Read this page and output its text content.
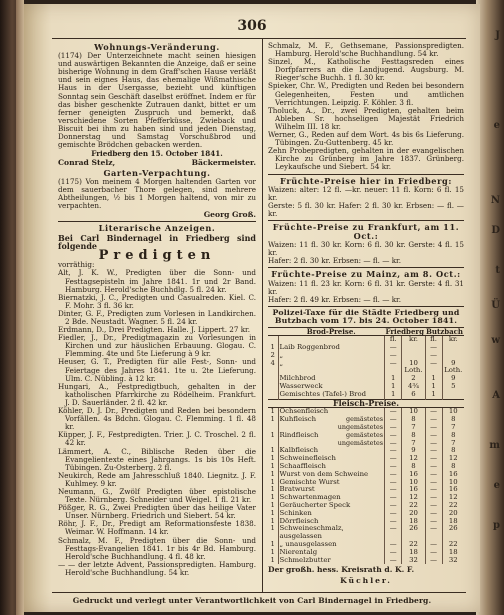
J
e
N
D
t
Ü
w
A
m
e
p
306
Wohnungs-Veränderung.
(1174) Der Unterzeichnete macht seinen hiesigen und auswärtigen Bekannten die Anzeige, daß er seine bisherige Wohnung in dem Graff'schen Hause verläßt und sein eignes Haus, das ehemalige Wißmathische Haus in der Usergasse, bezieht und künftigen Sonntag sein Geschäft daselbst eröffnet. Indem er für das bisher geschenkte Zutrauen dankt, bittet er um ferner geneigten Zuspruch und bemerkt, daß verschiedene Sorten Pfefferküsse, Zwieback und Biscuit bei ihm zu haben sind und jeden Dienstag, Donnerstag und Samstag Vorschußbrod und gemischte Brödchen gebacken werden.
Friedberg den 15. October 1841.
Conrad Stelz,	Bäckermeister.
Garten-Verpachtung.
(1175) Von meinem 4 Morgen haltenden Garten vor dem sauerbacher Thore gelegen, sind mehrere Abtheilungen, ½ bis 1 Morgen haltend, von mir zu verpachten.
Georg Groß.
Literarische Anzeigen.
Bei Carl Bindernagel in Friedberg sind folgende
Predigten
vorräthig:
Alt, J. K. W., Predigten über die Sonn- und Festtagsepisteln im Jahre 1841. 1r und 2r Band. Hamburg. Herold'sche Buchhdlg. 5 fl. 24 kr.
Biernatzki, J. C., Predigten und Casualreden. Kiel. C. F. Mohr. 3 fl. 36 kr.
Dinter, G. F., Predigten zum Vorlesen in Landkirchen. 2 Bde. Neustadt. Wagner. 5 fl. 24 kr.
Erdmann, D., Drei Predigten. Halle. J. Lippert. 27 kr.
Fiedler, J., Dr., Predigtmagazin zu Vorlesungen in Kirchen und zur häuslichen Erbauung. Glogau. C. Flemming. 4te und 5te Lieferung à 9 kr.
Heuser, G. T., Predigten für alle Fest-, Sonn- und Feiertage des Jahres 1841. 1te u. 2te Lieferung. Ulm. C. Nübling. à 12 kr.
Hungari, A., Festpredigtbuch, gehalten in der katholischen Pfarrkirche zu Rödelheim. Frankfurt. J. D. Sauerländer. 2 fl. 42 kr.
Köhler, D. J. Dr., Predigten und Reden bei besondern Vorfällen. 4s Bdchn. Glogau. C. Flemming. 1 fl. 48 kr.
Küpper, J. F., Festpredigten. Trier. J. C. Troschel. 2 fl. 42 kr.
Lämmert, A. C., Biblische Reden über die Evangelientexte eines Jahrgangs. 1s bis 10s Heft. Tübingen. Zu-Osterberg. 2 fl.
Neukirch, Rede am Jahresschluß 1840. Liegnitz. J. F. Kuhlmey. 9 kr.
Neumann, G., Zwölf Predigten über epistolische Texte. Nürnberg. Schneider und Weigel. 1 fl. 21 kr.
Pößger, R. G., Zwei Predigten über das heilige Vater Unser. Nürnberg. Friedrich und Siebert. 54 kr.
Röhr, J. F., Dr., Predigt am Reformationsfeste 1838. Weimar. W. Hoffmann. 14 kr.
Schmalz, M. F., Predigten über die Sonn- und Festtags-Evangelien 1841. 1r bis 4r Bd. Hamburg. Herold'sche Buchhandlung. 4 fl. 48 kr.
— — der letzte Advent, Passionspredigten. Hamburg. Herold'sche Buchhandlung. 54 kr.
Schmalz, M. F., Gethsemane, Passionspredigten. Hamburg. Herold'sche Buchhandlung. 54 kr.
Sinzel, M., Katholische Festtagsreden eines Dorfpfarrers an die Landjugend. Augsburg. M. Rieger'sche Buchh. 1 fl. 30 kr.
Spieker, Chr. W., Predigten und Reden bei besondern Gelegenheiten, Festen und amtlichen Verrichtungen. Leipzig. F. Köhler. 3 fl.
Tholuck, A., Dr., zwei Predigten, gehalten beim Ableben Sr. hochseligen Majestät Friedrich Wilhelm III. 18 kr.
Werner, G., Reden auf dem Wort. 4s bis 6s Lieferung. Tübingen. Zu-Guttenberg. 45 kr.
Zehn Probepredigten, gehalten in der evangelischen Kirche zu Grünberg im Jahre 1837. Grünberg. Leykaufsche und Siebert. 54 kr.
Früchte-Preise hier in Friedberg:
Waizen: alter: 12 fl. —kr. neuer: 11 fl. Korn: 6 fl. 15 kr.
Gerste: 5 fl. 30 kr. Hafer: 2 fl. 30 kr. Erbsen: — fl. — kr.
Früchte-Preise zu Frankfurt, am 11. Oct.:
Waizen: 11 fl. 30 kr. Korn: 6 fl. 30 kr. Gerste: 4 fl. 15 kr.
Hafer: 2 fl. 30 kr. Erbsen: — fl. — kr.
Früchte-Preise zu Mainz, am 8. Oct.:
Waizen: 11 fl. 23 kr. Korn: 6 fl. 31 kr. Gerste: 4 fl. 31 kr.
Hafer: 2 fl. 49 kr. Erbsen: — fl. — kr.
Polizei-Taxe für die Städte Friedberg und Butzbach vom 17. bis 24. October 1841.
	Brod-Preise.	Friedberg		Butzbach	
		fl.	kr.	fl.	kr.
1	Laib Roggenbrod	—		—	
2	„	—		—	
4	„	—	10	—	9
			Loth.		Loth.
	Milchbrod	1	2	1	9
	Wasserweck	1	4¾	1	5
	Gemischtes (Tafel-) Brod	1	6	1	
Fleisch-Preise.					
1	Ochsenfleisch	—	10	—	10
1	Kuhfleisch gemästetes	—	8	—	8

	ungemästetes	—	7	—	7
1	Rindfleisch gemästetes	—	8	—	8

	ungemästetes	—	7	—	7
1	Kalbfleisch	—	9	—	8
1	Schweinefleisch	—	12	—	12
1	Schaaffleisch	—	8	—	8
1	Wurst von dem Schweine	—	16	—	16
1	Gemischte Wurst	—	10	—	10
1	Bratwurst	—	16	—	16
1	Schwartenmagen	—	12	—	12
1	Geräucherter Speck	—	22	—	22
1	Schinken	—	20	—	20
1	Dörrfleisch	—	18	—	18
1	Schweineschmalz, ausgelassen	—	26	—	26
1	„ unausgelassen	—	22	—	22
1	Nierentalg	—	18	—	18
1	Schmelzbutter	—	32	—	32
Der großh. hess. Kreisrath d. K. F.
Küchler.
Gedruckt und verlegt unter Verantwortlichkeit von Carl Bindernagel in Friedberg.
